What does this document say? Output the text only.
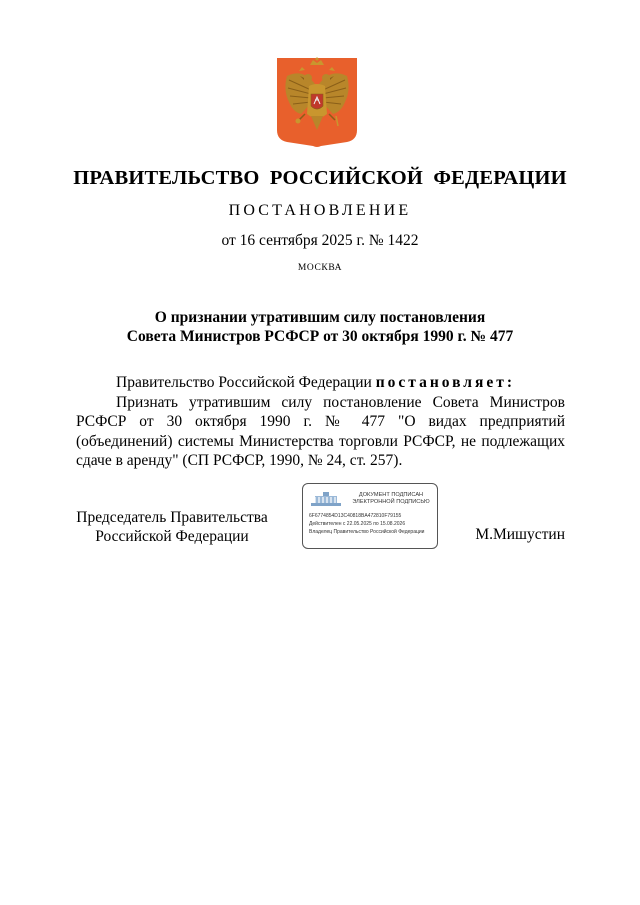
ПРАВИТЕЛЬСТВО РОССИЙСКОЙ ФЕДЕРАЦИИ
ПОСТАНОВЛЕНИЕ
от 16 сентября 2025 г. № 1422
МОСКВА
О признании утратившим силу постановления
Совета Министров РСФСР от 30 октября 1990 г. № 477
Правительство Российской Федерации постановляет:
Признать утратившим силу постановление Совета Министров РСФСР от 30 октября 1990 г. № 477 "О видах предприятий (объединений) системы Министерства торговли РСФСР, не подлежащих сдаче в аренду" (СП РСФСР, 1990, № 24, ст. 257).
Председатель Правительства
Российской Федерации
ДОКУМЕНТ ПОДПИСАН
ЭЛЕКТРОННОЙ ПОДПИСЬЮ
6F6774854D13C40818BA472810F79155
Действителен с 22.05.2025 по 15.08.2026
Владелец Правительство Российской Федерации	М.Мишустин
